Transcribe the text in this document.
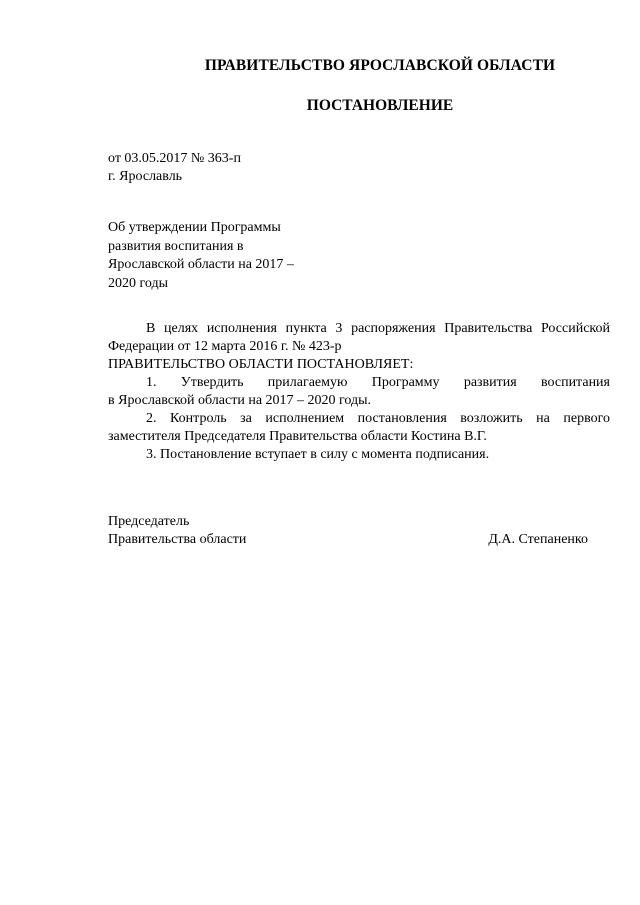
ПРАВИТЕЛЬСТВО ЯРОСЛАВСКОЙ ОБЛАСТИ
ПОСТАНОВЛЕНИЕ
от 03.05.2017 № 363-п
г. Ярославль
Об утверждении Программы
развития воспитания в
Ярославской области на 2017 –
2020 годы

В целях исполнения пункта 3 распоряжения Правительства Российской

Федерации от 12 марта 2016 г. № 423-р

ПРАВИТЕЛЬСТВО ОБЛАСТИ ПОСТАНОВЛЯЕТ:

1. Утвердить прилагаемую Программу развития воспитания

в Ярославской области на 2017 – 2020 годы.

2. Контроль за исполнением постановления возложить на первого заместителя Председателя Правительства области Костина В.Г.

3. Постановление вступает в силу с момента подписания.

Председатель
Правительства области	Д.А. Степаненко
